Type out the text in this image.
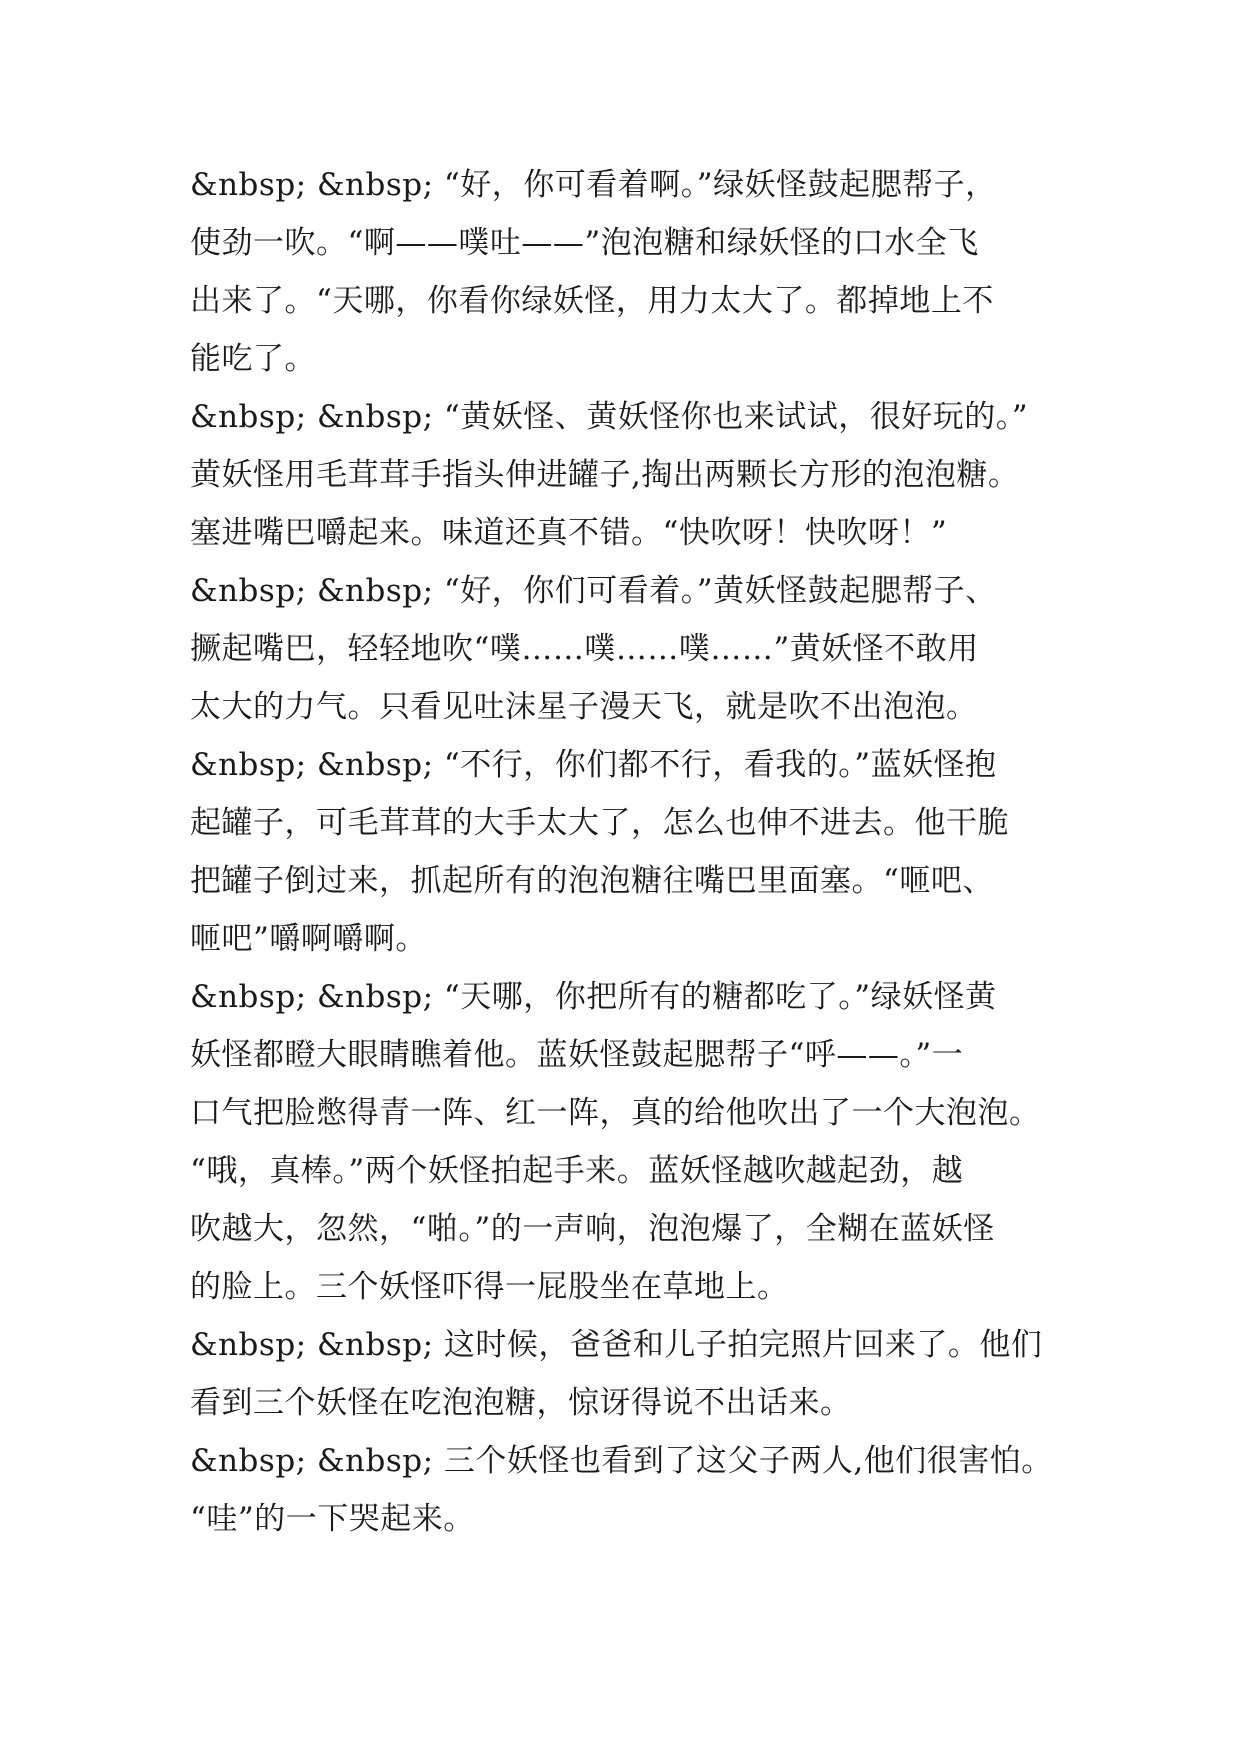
&nbsp; &nbsp; “好，你可看着啊。”绿妖怪鼓起腮帮子，
使劲一吹。“啊——噗吐——”泡泡糖和绿妖怪的口水全飞
出来了。“天哪，你看你绿妖怪，用力太大了。都掉地上不
能吃了。
&nbsp; &nbsp; “黄妖怪、黄妖怪你也来试试，很好玩的。”
黄妖怪用毛茸茸手指头伸进罐子,掏出两颗长方形的泡泡糖。
塞进嘴巴嚼起来。味道还真不错。“快吹呀！快吹呀！”
&nbsp; &nbsp; “好，你们可看着。”黄妖怪鼓起腮帮子、
撅起嘴巴，轻轻地吹“噗……噗……噗……”黄妖怪不敢用
太大的力气。只看见吐沫星子漫天飞，就是吹不出泡泡。
&nbsp; &nbsp; “不行，你们都不行，看我的。”蓝妖怪抱
起罐子，可毛茸茸的大手太大了，怎么也伸不进去。他干脆
把罐子倒过来，抓起所有的泡泡糖往嘴巴里面塞。“咂吧、
咂吧”嚼啊嚼啊。
&nbsp; &nbsp; “天哪，你把所有的糖都吃了。”绿妖怪黄
妖怪都瞪大眼睛瞧着他。蓝妖怪鼓起腮帮子“呼——。”一
口气把脸憋得青一阵、红一阵，真的给他吹出了一个大泡泡。
“哦，真棒。”两个妖怪拍起手来。蓝妖怪越吹越起劲，越
吹越大，忽然，“啪。”的一声响，泡泡爆了，全糊在蓝妖怪
的脸上。三个妖怪吓得一屁股坐在草地上。
&nbsp; &nbsp; 这时候，爸爸和儿子拍完照片回来了。他们
看到三个妖怪在吃泡泡糖，惊讶得说不出话来。
&nbsp; &nbsp; 三个妖怪也看到了这父子两人,他们很害怕。
“哇”的一下哭起来。
